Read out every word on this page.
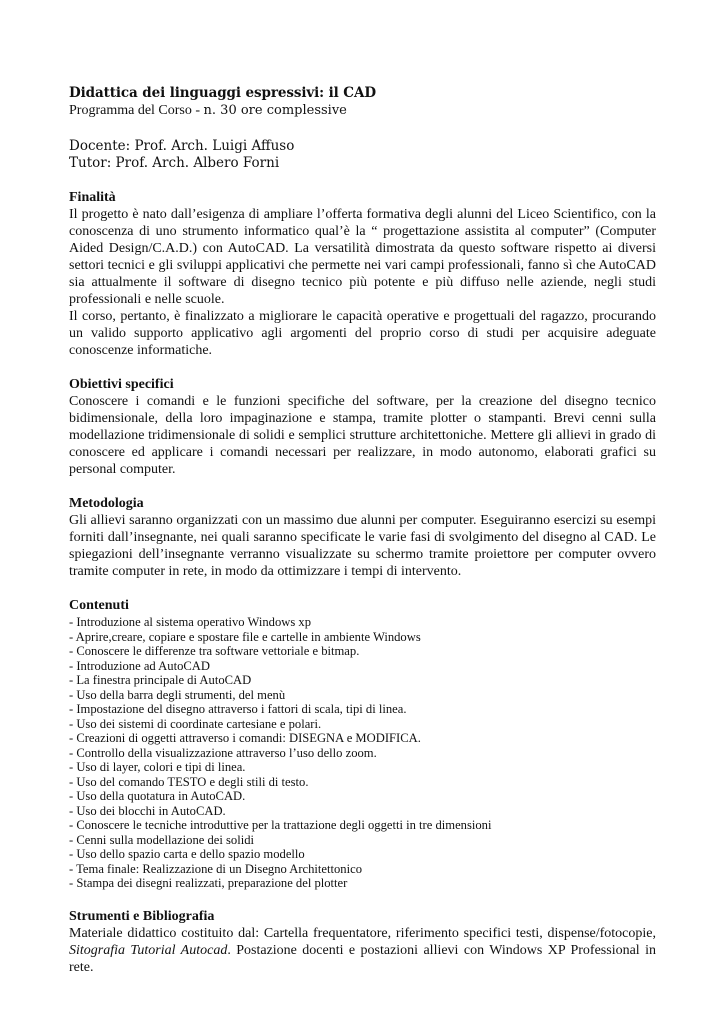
Didattica dei linguaggi espressivi: il CAD

Programma del Corso - n. 30 ore complessive

Docente: Prof. Arch. Luigi Affuso

Tutor: Prof. Arch. Albero Forni

Finalità

Il progetto è nato dall’esigenza di ampliare l’offerta formativa degli alunni del Liceo Scientifico, con la conoscenza di uno strumento informatico qual’è la “ progettazione assistita al computer” (Computer Aided Design/C.A.D.) con AutoCAD. La versatilità dimostrata da questo software rispetto ai diversi settori tecnici e gli sviluppi applicativi che permette nei vari campi professionali, fanno sì che AutoCAD sia attualmente il software di disegno tecnico più potente e più diffuso nelle aziende, negli studi professionali e nelle scuole.

Il corso, pertanto, è finalizzato a migliorare le capacità operative e progettuali del ragazzo, procurando un valido supporto applicativo agli argomenti del proprio corso di studi per acquisire adeguate conoscenze informatiche.

Obiettivi specifici

Conoscere i comandi e le funzioni specifiche del software, per la creazione del disegno tecnico bidimensionale, della loro impaginazione e stampa, tramite plotter o stampanti. Brevi cenni sulla modellazione tridimensionale di solidi e semplici strutture architettoniche. Mettere gli allievi in grado di conoscere ed applicare i comandi necessari per realizzare, in modo autonomo, elaborati grafici su personal computer.

Metodologia

Gli allievi saranno organizzati con un massimo due alunni per computer. Eseguiranno esercizi su esempi forniti dall’insegnante, nei quali saranno specificate le varie fasi di svolgimento del disegno al CAD. Le spiegazioni dell’insegnante verranno visualizzate su schermo tramite proiettore per computer ovvero tramite computer in rete, in modo da ottimizzare i tempi di intervento.

Contenuti
- Introduzione al sistema operativo Windows xp
- Aprire,creare, copiare e spostare file e cartelle in ambiente Windows
- Conoscere le differenze tra software vettoriale e bitmap.
- Introduzione ad AutoCAD
- La finestra principale di AutoCAD
- Uso della barra degli strumenti, del menù
- Impostazione del disegno attraverso i fattori di scala, tipi di linea.
- Uso dei sistemi di coordinate cartesiane e polari.
- Creazioni di oggetti attraverso i comandi: DISEGNA e MODIFICA.
- Controllo della visualizzazione attraverso l’uso dello zoom.
- Uso di layer, colori e tipi di linea.
- Uso del comando TESTO e degli stili di testo.
- Uso della quotatura in AutoCAD.
- Uso dei blocchi in AutoCAD.
- Conoscere le tecniche introduttive per la trattazione degli oggetti in tre dimensioni
- Cenni sulla modellazione dei solidi
- Uso dello spazio carta e dello spazio modello
- Tema finale: Realizzazione di un Disegno Architettonico
- Stampa dei disegni realizzati, preparazione del plotter
Strumenti e Bibliografia

Materiale didattico costituito dal: Cartella frequentatore, riferimento specifici testi, dispense/fotocopie, Sitografia Tutorial Autocad. Postazione docenti e postazioni allievi con Windows XP Professional in rete.
